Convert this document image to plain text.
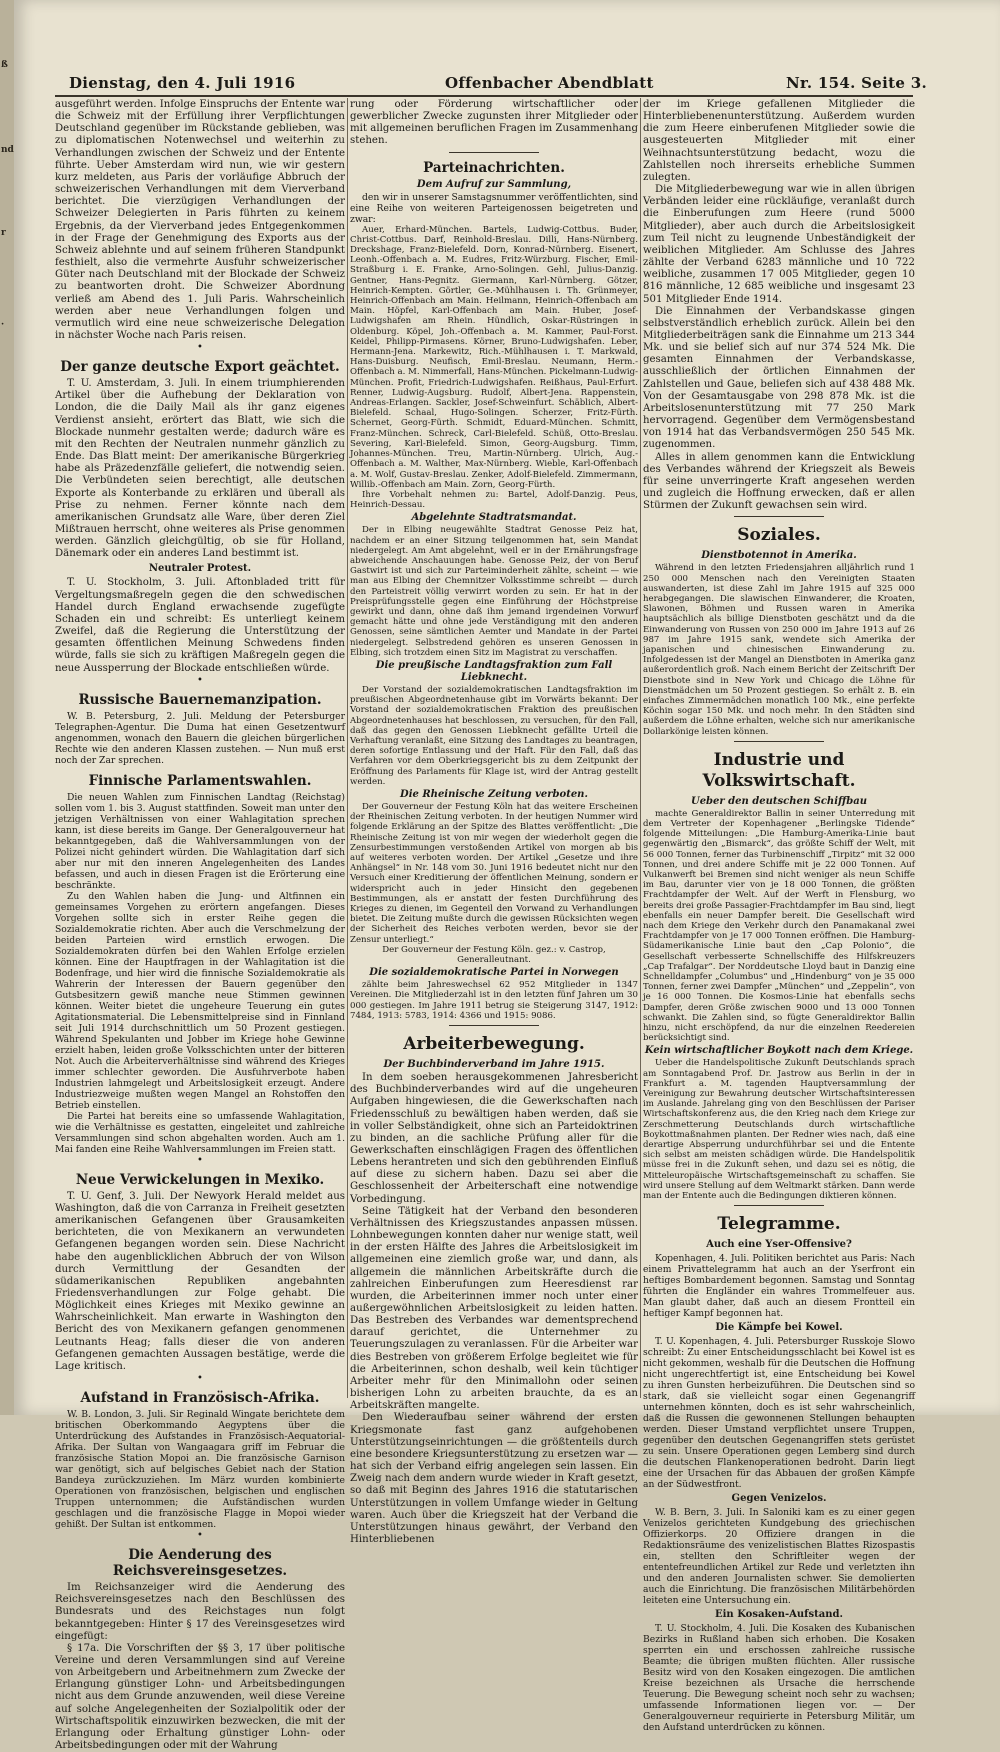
ß
nd
r
·
Dienstag, den 4. Juli 1916	Offenbacher Abendblatt	Nr. 154. Seite 3.

ausgeführt werden. Infolge Einspruchs der Entente war die Schweiz mit der Erfüllung ihrer Verpflichtungen Deutschland gegenüber im Rückstande geblieben, was zu diplomatischen Notenwechsel und weiterhin zu Verhandlungen zwischen der Schweiz und der Entente führte. Ueber Amsterdam wird nun, wie wir gestern kurz meldeten, aus Paris der vorläufige Abbruch der schweizerischen Verhandlungen mit dem Vierverband berichtet. Die vierzügigen Verhandlungen der Schweizer Delegierten in Paris führten zu keinem Ergebnis, da der Vierverband jedes Entgegenkommen in der Frage der Genehmigung des Exports aus der Schweiz ablehnte und auf seinem früheren Standpunkt festhielt, also die vermehrte Ausfuhr schweizerischer Güter nach Deutschland mit der Blockade der Schweiz zu beantworten droht. Die Schweizer Abordnung verließ am Abend des 1. Juli Paris. Wahrscheinlich werden aber neue Verhandlungen folgen und vermutlich wird eine neue schweizerische Delegation in nächster Woche nach Paris reisen.

•
Der ganze deutsche Export geächtet.

T. U. Amsterdam, 3. Juli. In einem triumphierenden Artikel über die Aufhebung der Deklaration von London, die die Daily Mail als ihr ganz eigenes Verdienst ansieht, erörtert das Blatt, wie sich die Blockade nunmehr gestalten werde; dadurch wäre es mit den Rechten der Neutralen nunmehr gänzlich zu Ende. Das Blatt meint: Der amerikanische Bürgerkrieg habe als Präzedenzfälle geliefert, die notwendig seien. Die Verbündeten seien berechtigt, alle deutschen Exporte als Konterbande zu erklären und überall als Prise zu nehmen. Ferner könnte nach dem amerikanischen Grundsatz alle Ware, über deren Ziel Mißtrauen herrscht, ohne weiteres als Prise genommen werden. Gänzlich gleichgültig, ob sie für Holland, Dänemark oder ein anderes Land bestimmt ist.

Neutraler Protest.

T. U. Stockholm, 3. Juli. Aftonbladed tritt für Vergeltungsmaßregeln gegen die den schwedischen Handel durch England erwachsende zugefügte Schaden ein und schreibt: Es unterliegt keinem Zweifel, daß die Regierung die Unterstützung der gesamten öffentlichen Meinung Schwedens finden würde, falls sie sich zu kräftigen Maßregeln gegen die neue Aussperrung der Blockade entschließen würde.

•
Russische Bauernemanzipation.

W. B. Petersburg, 2. Juli. Meldung der Petersburger Telegraphen-Agentur. Die Duma hat einen Gesetzentwurf angenommen, wonach den Bauern die gleichen bürgerlichen Rechte wie den anderen Klassen zustehen. — Nun muß erst noch der Zar sprechen.

Finnische Parlamentswahlen.

Die neuen Wahlen zum Finnischen Landtag (Reichstag) sollen vom 1. bis 3. August stattfinden. Soweit man unter den jetzigen Verhältnissen von einer Wahlagitation sprechen kann, ist diese bereits im Gange. Der Generalgouverneur hat bekanntgegeben, daß die Wahlversammlungen von der Polizei nicht gehindert würden. Die Wahlagitation darf sich aber nur mit den inneren Angelegenheiten des Landes befassen, und auch in diesen Fragen ist die Erörterung eine beschränkte.

Zu den Wahlen haben die Jung- und Altfinnen ein gemeinsames Vorgehen zu erörtern angefangen. Dieses Vorgehen sollte sich in erster Reihe gegen die Sozialdemokratie richten. Aber auch die Verschmelzung der beiden Parteien wird ernstlich erwogen. Die Sozialdemokraten dürfen bei den Wahlen Erfolge erzielen können. Eine der Hauptfragen in der Wahlagitation ist die Bodenfrage, und hier wird die finnische Sozialdemokratie als Wahrerin der Interessen der Bauern gegenüber den Gutsbesitzern gewiß manche neue Stimmen gewinnen können. Weiter bietet die ungeheure Teuerung ein gutes Agitationsmaterial. Die Lebensmittelpreise sind in Finnland seit Juli 1914 durchschnittlich um 50 Prozent gestiegen. Während Spekulanten und Jobber im Kriege hohe Gewinne erzielt haben, leiden große Volksschichten unter der bitteren Not. Auch die Arbeiterverhältnisse sind während des Krieges immer schlechter geworden. Die Ausfuhrverbote haben Industrien lahmgelegt und Arbeitslosigkeit erzeugt. Andere Industriezweige mußten wegen Mangel an Rohstoffen den Betrieb einstellen.

Die Partei hat bereits eine so umfassende Wahlagitation, wie die Verhältnisse es gestatten, eingeleitet und zahlreiche Versammlungen sind schon abgehalten worden. Auch am 1. Mai fanden eine Reihe Wahlversammlungen im Freien statt.

•
Neue Verwickelungen in Mexiko.

T. U. Genf, 3. Juli. Der Newyork Herald meldet aus Washington, daß die von Carranza in Freiheit gesetzten amerikanischen Gefangenen über Grausamkeiten berichteten, die von Mexikanern an verwundeten Gefangenen begangen worden sein. Diese Nachricht habe den augenblicklichen Abbruch der von Wilson durch Vermittlung der Gesandten der südamerikanischen Republiken angebahnten Friedensverhandlungen zur Folge gehabt. Die Möglichkeit eines Krieges mit Mexiko gewinne an Wahrscheinlichkeit. Man erwarte in Washington den Bericht des von Mexikanern gefangen genommenen Leutnants Heag; falls dieser die von anderen Gefangenen gemachten Aussagen bestätige, werde die Lage kritisch.

•
Aufstand in Französisch-Afrika.

W. B. London, 3. Juli. Sir Reginald Wingate berichtete dem britischen Oberkommando Aegyptens über die Unterdrückung des Aufstandes in Französisch-Aequatorial-Afrika. Der Sultan von Wangaagara griff im Februar die französische Station Mopoi an. Die französische Garnison war genötigt, sich auf belgisches Gebiet nach der Station Bandeya zurückzuziehen. Im März wurden kombinierte Operationen von französischen, belgischen und englischen Truppen unternommen; die Aufständischen wurden geschlagen und die französische Flagge in Mopoi wieder gehißt. Der Sultan ist entkommen.

•
Die Aenderung des Reichsvereinsgesetzes.

Im Reichsanzeiger wird die Aenderung des Reichsvereinsgesetzes nach den Beschlüssen des Bundesrats und des Reichstages nun folgt bekanntgegeben: Hinter § 17 des Vereinsgesetzes wird eingefügt:

§ 17a. Die Vorschriften der §§ 3, 17 über politische Vereine und deren Versammlungen sind auf Vereine von Arbeitgebern und Arbeitnehmern zum Zwecke der Erlangung günstiger Lohn- und Arbeitsbedingungen nicht aus dem Grunde anzuwenden, weil diese Vereine auf solche Angelegenheiten der Sozialpolitik oder der Wirtschaftspolitik einzuwirken bezwecken, die mit der Erlangung oder Erhaltung günstiger Lohn- oder Arbeitsbedingungen oder mit der Wahrung

rung oder Förderung wirtschaftlicher oder gewerblicher Zwecke zugunsten ihrer Mitglieder oder mit allgemeinen beruflichen Fragen im Zusammenhang stehen.

Parteinachrichten.
Dem Aufruf zur Sammlung,

den wir in unserer Samstagsnummer veröffentlichten, sind eine Reihe von weiteren Parteigenossen beigetreten und zwar:

Auer, Erhard-München. Bartels, Ludwig-Cottbus. Buder, Christ-Cottbus. Darf, Reinhold-Breslau. Dilli, Hans-Nürnberg. Dreckshage, Franz-Bielefeld. Dorn, Konrad-Nürnberg. Eisenert, Leonh.-Offenbach a. M. Eudres, Fritz-Würzburg. Fischer, Emil-Straßburg i. E. Franke, Arno-Solingen. Gehl, Julius-Danzig. Gentner, Hans-Pegnitz. Giermann, Karl-Nürnberg. Götzer, Heinrich-Kempten. Görtler, Ge.-Mühlhausen i. Th. Grünmeyer, Heinrich-Offenbach am Main. Heilmann, Heinrich-Offenbach am Main. Höpfel, Karl-Offenbach am Main. Huber, Josef-Ludwigshafen am Rhein. Hündlich, Oskar-Rüstringen in Oldenburg. Köpel, Joh.-Offenbach a. M. Kammer, Paul-Forst. Keidel, Philipp-Pirmasens. Körner, Bruno-Ludwigshafen. Leber, Hermann-Jena. Markewitz, Rich.-Mühlhausen i. T. Markwald, Hans-Duisburg. Neufisch, Emil-Breslau. Neumann, Herm.-Offenbach a. M. Nimmerfall, Hans-München. Pickelmann-Ludwig-München. Profit, Friedrich-Ludwigshafen. Reißhaus, Paul-Erfurt. Renner, Ludwig-Augsburg. Rudolf, Albert-Jena. Rappenstein, Andreas-Erlangen. Sackler, Josef-Schweinfurt. Schäblich, Albert-Bielefeld. Schaal, Hugo-Solingen. Scherzer, Fritz-Fürth. Schernet, Georg-Fürth. Schmidt, Eduard-München. Schmitt, Franz-München. Schreck, Carl-Bielefeld. Schüß, Otto-Breslau. Severing, Karl-Bielefeld. Simon, Georg-Augsburg. Timm, Johannes-München. Treu, Martin-Nürnberg. Ulrich, Aug.-Offenbach a. M. Walther, Max-Nürnberg. Wieble, Karl-Offenbach a. M. Wolf, Gustav-Breslau. Zenker, Adolf-Bielefeld. Zimmermann, Willib.-Offenbach am Main. Zorn, Georg-Fürth.

Ihre Vorbehalt nehmen zu: Bartel, Adolf-Danzig. Peus, Heinrich-Dessau.

Abgelehnte Stadtratsmandat.

Der in Elbing neugewählte Stadtrat Genosse Peiz hat, nachdem er an einer Sitzung teilgenommen hat, sein Mandat niedergelegt. Am Amt abgelehnt, weil er in der Ernährungsfrage abweichende Anschauungen habe. Genosse Peiz, der von Beruf Gastwirt ist und sich zur Parteiminderheit zählte, scheint — wie man aus Elbing der Chemnitzer Volksstimme schreibt — durch den Parteistreit völlig verwirrt worden zu sein. Er hat in der Preisprüfungsstelle gegen eine Einführung der Höchstpreise gewirkt und dann, ohne daß ihm jemand irgendeinen Vorwurf gemacht hätte und ohne jede Verständigung mit den anderen Genossen, seine sämtlichen Aemter und Mandate in der Partei niedergelegt. Selbstredend gehören es unseren Genossen in Elbing, sich trotzdem einen Sitz im Magistrat zu verschaffen.

Die preußische Landtagsfraktion zum Fall Liebknecht.

Der Vorstand der sozialdemokratischen Landtagsfraktion im preußischen Abgeordnetenhause gibt im Vorwärts bekannt: Der Vorstand der sozialdemokratischen Fraktion des preußischen Abgeordnetenhauses hat beschlossen, zu versuchen, für den Fall, daß das gegen den Genossen Liebknecht gefällte Urteil die Verhaftung veranlaßt, eine Sitzung des Landtages zu beantragen, deren sofortige Entlassung und der Haft. Für den Fall, daß das Verfahren vor dem Oberkriegsgericht bis zu dem Zeitpunkt der Eröffnung des Parlaments für Klage ist, wird der Antrag gestellt werden.

Die Rheinische Zeitung verboten.

Der Gouverneur der Festung Köln hat das weitere Erscheinen der Rheinischen Zeitung verboten. In der heutigen Nummer wird folgende Erklärung an der Spitze des Blattes veröffentlicht: „Die Rheinische Zeitung ist von mir wegen der wiederholt gegen die Zensurbestimmungen verstoßenden Artikel von morgen ab bis auf weiteres verboten worden. Der Artikel „Gesetze und ihre Anhängsel“ in Nr. 148 vom 30. Juni 1916 bedeutet nicht nur den Versuch einer Kreditierung der öffentlichen Meinung, sondern er widerspricht auch in jeder Hinsicht den gegebenen Bestimmungen, als er anstatt der festen Durchführung des Krieges zu dienen, im Gegenteil den Vorwand zu Verhandlungen bietet. Die Zeitung mußte durch die gewissen Rücksichten wegen der Sicherheit des Reiches verboten werden, bevor sie der Zensur unterliegt.“

Der Gouverneur der Festung Köln. gez.: v. Castrop, Generalleutnant.

Die sozialdemokratische Partei in Norwegen

zählte beim Jahreswechsel 62 952 Mitglieder in 1347 Vereinen. Die Mitgliederzahl ist in den letzten fünf Jahren um 30 000 gestiegen. Im Jahre 1911 betrug sie Steigerung 3147, 1912: 7484, 1913: 5783, 1914: 4366 und 1915: 9086.

Arbeiterbewegung.
Der Buchbinderverband im Jahre 1915.

In dem soeben herausgekommenen Jahresbericht des Buchbinderverbandes wird auf die ungeheuren Aufgaben hingewiesen, die die Gewerkschaften nach Friedensschluß zu bewältigen haben werden, daß sie in voller Selbständigkeit, ohne sich an Parteidoktrinen zu binden, an die sachliche Prüfung aller für die Gewerkschaften einschlägigen Fragen des öffentlichen Lebens herantreten und sich den gebührenden Einfluß auf diese zu sichern haben. Dazu sei aber die Geschlossenheit der Arbeiterschaft eine notwendige Vorbedingung.

Seine Tätigkeit hat der Verband den besonderen Verhältnissen des Kriegszustandes anpassen müssen. Lohnbewegungen konnten daher nur wenige statt, weil in der ersten Hälfte des Jahres die Arbeitslosigkeit im allgemeinen eine ziemlich große war, und dann, als allgemein die männlichen Arbeitskräfte durch die zahlreichen Einberufungen zum Heeresdienst rar wurden, die Arbeiterinnen immer noch unter einer außergewöhnlichen Arbeitslosigkeit zu leiden hatten. Das Bestreben des Verbandes war dementsprechend darauf gerichtet, die Unternehmer zu Teuerungszulagen zu veranlassen. Für die Arbeiter war dies Bestreben von größerem Erfolge begleitet wie für die Arbeiterinnen, schon deshalb, weil kein tüchtiger Arbeiter mehr für den Minimallohn oder seinen bisherigen Lohn zu arbeiten brauchte, da es an Arbeitskräften mangelte.

Den Wiederaufbau seiner während der ersten Kriegsmonate fast ganz aufgehobenen Unterstützungseinrichtungen — die größtenteils durch eine besondere Kriegsunterstützung zu ersetzen war — hat sich der Verband eifrig angelegen sein lassen. Ein Zweig nach dem andern wurde wieder in Kraft gesetzt, so daß mit Beginn des Jahres 1916 die statutarischen Unterstützungen in vollem Umfange wieder in Geltung waren. Auch über die Kriegszeit hat der Verband die Unterstützungen hinaus gewährt, der Verband den Hinterbliebenen

der im Kriege gefallenen Mitglieder die Hinterbliebenenunterstützung. Außerdem wurden die zum Heere einberufenen Mitglieder sowie die ausgesteuerten Mitglieder mit einer Weihnachtsunterstützung bedacht, wozu die Zahlstellen noch ihrerseits erhebliche Summen zulegten.

Die Mitgliederbewegung war wie in allen übrigen Verbänden leider eine rückläufige, veranlaßt durch die Einberufungen zum Heere (rund 5000 Mitglieder), aber auch durch die Arbeitslosigkeit zum Teil nicht zu leugnende Unbeständigkeit der weiblichen Mitglieder. Am Schlusse des Jahres zählte der Verband 6283 männliche und 10 722 weibliche, zusammen 17 005 Mitglieder, gegen 10 816 männliche, 12 685 weibliche und insgesamt 23 501 Mitglieder Ende 1914.

Die Einnahmen der Verbandskasse gingen selbstverständlich erheblich zurück. Allein bei den Mitgliederbeiträgen sank die Einnahme um 213 344 Mk. und sie belief sich auf nur 374 524 Mk. Die gesamten Einnahmen der Verbandskasse, ausschließlich der örtlichen Einnahmen der Zahlstellen und Gaue, beliefen sich auf 438 488 Mk. Von der Gesamtausgabe von 298 878 Mk. ist die Arbeitslosenunterstützung mit 77 250 Mark hervorragend. Gegenüber dem Vermögensbestand von 1914 hat das Verbandsvermögen 250 545 Mk. zugenommen.

Alles in allem genommen kann die Entwicklung des Verbandes während der Kriegszeit als Beweis für seine unverringerte Kraft angesehen werden und zugleich die Hoffnung erwecken, daß er allen Stürmen der Zukunft gewachsen sein wird.

Soziales.
Dienstbotennot in Amerika.

Während in den letzten Friedensjahren alljährlich rund 1 250 000 Menschen nach den Vereinigten Staaten auswanderten, ist diese Zahl im Jahre 1915 auf 325 000 herabgegangen. Die slawischen Einwanderer, die Kroaten, Slawonen, Böhmen und Russen waren in Amerika hauptsächlich als billige Dienstboten geschätzt und da die Einwanderung von Russen von 250 000 im Jahre 1913 auf 26 987 im Jahre 1915 sank, wendete sich Amerika der japanischen und chinesischen Einwanderung zu. Infolgedessen ist der Mangel an Dienstboten in Amerika ganz außerordentlich groß. Nach einem Bericht der Zeitschrift Der Dienstbote sind in New York und Chicago die Löhne für Dienstmädchen um 50 Prozent gestiegen. So erhält z. B. ein einfaches Zimmermädchen monatlich 100 Mk., eine perfekte Köchin sogar 150 Mk. und noch mehr. In den Städten sind außerdem die Löhne erhalten, welche sich nur amerikanische Dollarkönige leisten können.

Industrie und Volkswirtschaft.
Ueber den deutschen Schiffbau

machte Generaldirektor Ballin in seiner Unterredung mit dem Vertreter der Kopenhagener „Berlingske Tidende“ folgende Mitteilungen: „Die Hamburg-Amerika-Linie baut gegenwärtig den „Bismarck“, das größte Schiff der Welt, mit 56 000 Tonnen, ferner das Turbinenschiff „Tirpitz“ mit 32 000 Tonnen, und drei andere Schiffe mit je 22 000 Tonnen. Auf Vulkanwerft bei Bremen sind nicht weniger als neun Schiffe im Bau, darunter vier von je 18 000 Tonnen, die größten Frachtdampfer der Welt. Auf der Werft in Flensburg, wo bereits drei große Passagier-Frachtdampfer im Bau sind, liegt ebenfalls ein neuer Dampfer bereit. Die Gesellschaft wird nach dem Kriege den Verkehr durch den Panamakanal zwei Frachtdampfer von je 17 000 Tonnen eröffnen. Die Hamburg-Südamerikanische Linie baut den „Cap Polonio“, die Gesellschaft verbesserte Schnellschiffe des Hilfskreuzers „Cap Trafalgar“. Der Norddeutsche Lloyd baut in Danzig eine Schnelldampfer „Columbus“ und „Hindenburg“ von je 35 000 Tonnen, ferner zwei Dampfer „München“ und „Zeppelin“, von je 16 000 Tonnen. Die Kosmos-Linie hat ebenfalls sechs Dampfer, deren Größe zwischen 9000 und 13 000 Tonnen schwankt. Die Zahlen sind, so fügte Generaldirektor Ballin hinzu, nicht erschöpfend, da nur die einzelnen Reedereien berücksichtigt sind.

Kein wirtschaftlicher Boykott nach dem Kriege.

Ueber die Handelspolitische Zukunft Deutschlands sprach am Sonntagabend Prof. Dr. Jastrow aus Berlin in der in Frankfurt a. M. tagenden Hauptversammlung der Vereinigung zur Bewahrung deutscher Wirtschaftsinteressen im Auslande. Jahrelang ging von den Beschlüssen der Pariser Wirtschaftskonferenz aus, die den Krieg nach dem Kriege zur Zerschmetterung Deutschlands durch wirtschaftliche Boykottmaßnahmen planten. Der Redner wies nach, daß eine derartige Absperrung undurchführbar sei und die Entente sich selbst am meisten schädigen würde. Die Handelspolitik müsse frei in die Zukunft sehen, und dazu sei es nötig, die Mitteleuropäische Wirtschaftsgemeinschaft zu schaffen. Sie wird unsere Stellung auf dem Weltmarkt stärken. Dann werde man der Entente auch die Bedingungen diktieren können.

Telegramme.
Auch eine Yser-Offensive?

Kopenhagen, 4. Juli. Politiken berichtet aus Paris: Nach einem Privattelegramm hat auch an der Yserfront ein heftiges Bombardement begonnen. Samstag und Sonntag führten die Engländer ein wahres Trommelfeuer aus. Man glaubt daher, daß auch an diesem Frontteil ein heftiger Kampf begonnen hat.

Die Kämpfe bei Kowel.

T. U. Kopenhagen, 4. Juli. Petersburger Russkoje Slowo schreibt: Zu einer Entscheidungsschlacht bei Kowel ist es nicht gekommen, weshalb für die Deutschen die Hoffnung nicht ungerechtfertigt ist, eine Entscheidung bei Kowel zu ihren Gunsten herbeizuführen. Die Deutschen sind so stark, daß sie vielleicht sogar einen Gegenangriff unternehmen könnten, doch es ist sehr wahrscheinlich, daß die Russen die gewonnenen Stellungen behaupten werden. Dieser Umstand verpflichtet unsere Truppen, gegenüber den deutschen Gegenangriffen stets gerüstet zu sein. Unsere Operationen gegen Lemberg sind durch die deutschen Flankenoperationen bedroht. Darin liegt eine der Ursachen für das Abbauen der großen Kämpfe an der Südwestfront.

Gegen Venizelos.

W. B. Bern, 3. Juli. In Saloniki kam es zu einer gegen Venizelos gerichteten Kundgebung des griechischen Offizierkorps. 20 Offiziere drangen in die Redaktionsräume des venizelistischen Blattes Rizospastis ein, stellten den Schriftleiter wegen der ententefreundlichen Artikel zur Rede und verletzten ihn und den anderen Journalisten schwer. Sie demolierten auch die Einrichtung. Die französischen Militärbehörden leiteten eine Untersuchung ein.

Ein Kosaken-Aufstand.

T. U. Stockholm, 4. Juli. Die Kosaken des Kubanischen Bezirks in Rußland haben sich erhoben. Die Kosaken sperrten ein und erschossen zahlreiche russische Beamte; die übrigen mußten flüchten. Aller russische Besitz wird von den Kosaken eingezogen. Die amtlichen Kreise bezeichnen als Ursache die herrschende Teuerung. Die Bewegung scheint noch sehr zu wachsen; umfassende Informationen liegen vor. — Der Generalgouverneur requirierte in Petersburg Militär, um den Aufstand unterdrücken zu können.
